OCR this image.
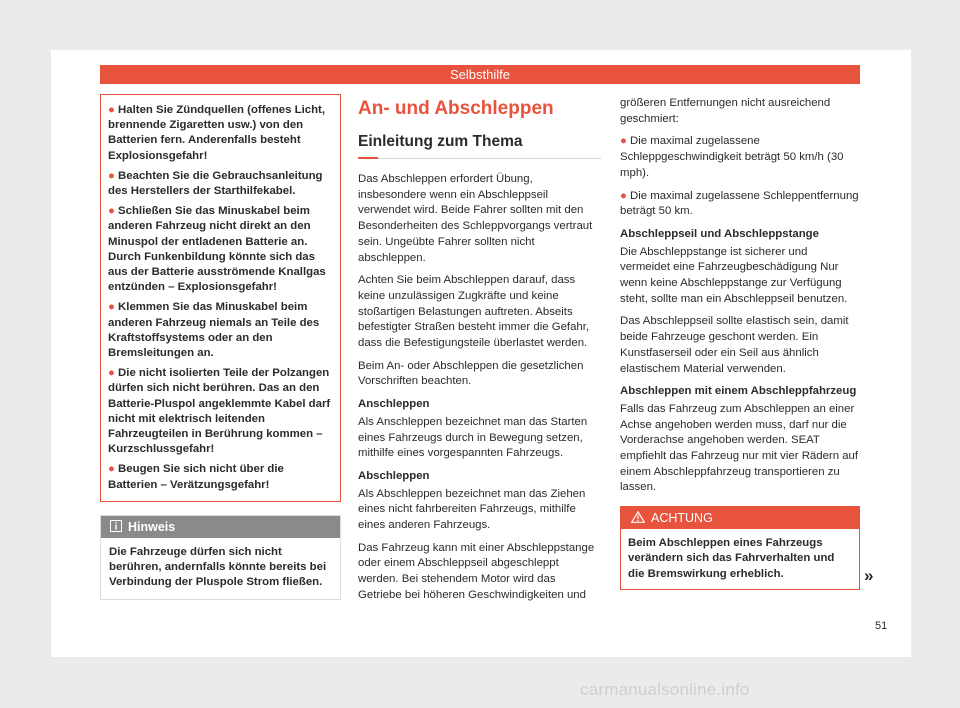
Selbsthilfe

● Halten Sie Zündquellen (offenes Licht, brennende Zigaretten usw.) von den Batterien fern. Anderenfalls besteht Explosionsgefahr!

● Beachten Sie die Gebrauchsanleitung des Herstellers der Starthilfekabel.

● Schließen Sie das Minuskabel beim anderen Fahrzeug nicht direkt an den Minuspol der entladenen Batterie an. Durch Funkenbildung könnte sich das aus der Batterie ausströmende Knallgas entzünden – Explosionsgefahr!

● Klemmen Sie das Minuskabel beim anderen Fahrzeug niemals an Teile des Kraftstoffsystems oder an den Bremsleitungen an.

● Die nicht isolierten Teile der Polzangen dürfen sich nicht berühren. Das an den Batterie-Pluspol angeklemmte Kabel darf nicht mit elektrisch leitenden Fahrzeugteilen in Berührung kommen – Kurzschlussgefahr!

● Beugen Sie sich nicht über die Batterien – Verätzungsgefahr!

Hinweis
Die Fahrzeuge dürfen sich nicht berühren, andernfalls könnte bereits bei Verbindung der Pluspole Strom fließen.
An- und Abschleppen
Einleitung zum Thema

Das Abschleppen erfordert Übung, insbesondere wenn ein Abschleppseil verwendet wird. Beide Fahrer sollten mit den Besonderheiten des Schleppvorgangs vertraut sein. Ungeübte Fahrer sollten nicht abschleppen.

Achten Sie beim Abschleppen darauf, dass keine unzulässigen Zugkräfte und keine stoßartigen Belastungen auftreten. Abseits befestigter Straßen besteht immer die Gefahr, dass die Befestigungsteile überlastet werden.

Beim An- oder Abschleppen die gesetzlichen Vorschriften beachten.

Anschleppen

Als Anschleppen bezeichnet man das Starten eines Fahrzeugs durch in Bewegung setzen, mithilfe eines vorgespannten Fahrzeugs.

Abschleppen

Als Abschleppen bezeichnet man das Ziehen eines nicht fahrbereiten Fahrzeugs, mithilfe eines anderen Fahrzeugs.

Das Fahrzeug kann mit einer Abschleppstange oder einem Abschleppseil abgeschleppt werden. Bei stehendem Motor wird das Getriebe bei höheren Geschwindigkeiten und

größeren Entfernungen nicht ausreichend geschmiert:

● Die maximal zugelassene Schleppgeschwindigkeit beträgt 50 km/h (30 mph).

● Die maximal zugelassene Schleppentfernung beträgt 50 km.

Abschleppseil und Abschleppstange

Die Abschleppstange ist sicherer und vermeidet eine Fahrzeugbeschädigung Nur wenn keine Abschleppstange zur Verfügung steht, sollte man ein Abschleppseil benutzen.

Das Abschleppseil sollte elastisch sein, damit beide Fahrzeuge geschont werden. Ein Kunstfaserseil oder ein Seil aus ähnlich elastischem Material verwenden.

Abschleppen mit einem Abschleppfahrzeug

Falls das Fahrzeug zum Abschleppen an einer Achse angehoben werden muss, darf nur die Vorderachse angehoben werden. SEAT empfiehlt das Fahrzeug nur mit vier Rädern auf einem Abschleppfahrzeug transportieren zu lassen.

ACHTUNG
Beim Abschleppen eines Fahrzeugs verändern sich das Fahrverhalten und die Bremswirkung erheblich.	»
51
carmanualsonline.info
